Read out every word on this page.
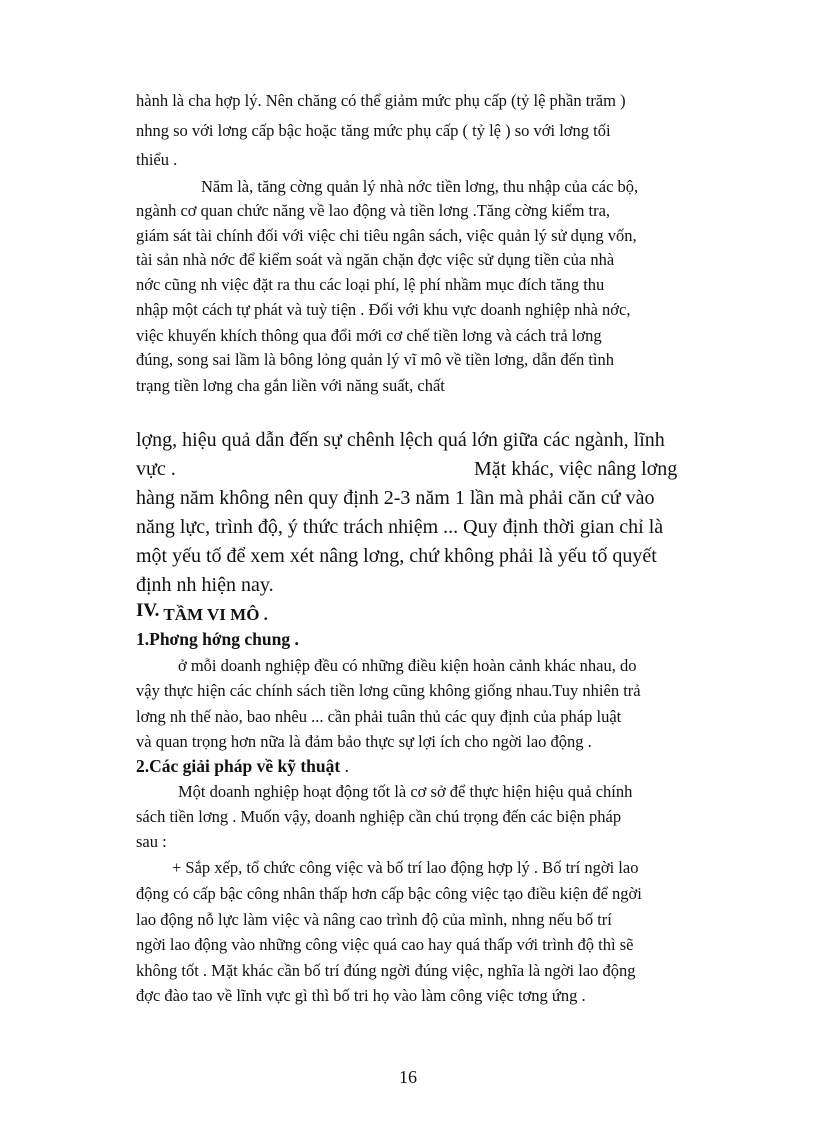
hành là cha hợp lý. Nên chăng có thể giảm mức phụ cấp (tỷ lệ phần trăm )

nhng so với lơng cấp bậc hoặc tăng mức phụ cấp ( tỷ lệ ) so với lơng tối

thiểu .

Năm là, tăng cờng quản lý nhà nớc tiền lơng, thu nhập của các bộ,

ngành cơ quan chức năng về lao động và tiền lơng .Tăng cờng kiểm tra,

giám sát tài chính đối với việc chi tiêu ngân sách, việc quản lý sử dụng vốn,

tài sản nhà nớc để kiểm soát và ngăn chặn đợc việc sử dụng tiền của nhà

nớc cũng nh việc đặt ra thu các loại phí, lệ phí nhầm mục đích tăng thu

nhập một cách tự phát và tuỳ tiện . Đối với khu vực doanh nghiệp nhà nớc,

việc khuyến khích thông qua đổi mới cơ chế tiền lơng và cách trả lơng

đúng, song sai lầm là bông lỏng quản lý vĩ mô về tiền lơng, dẫn đến tình

trạng tiền lơng cha gắn liền với năng suất, chất

lợng, hiệu quả dẫn đến sự chênh lệch quá lớn giữa các ngành, lĩnh

vực .	Mặt khác, việc nâng lơng

hàng năm không nên quy định 2-3 năm 1 lần mà phải căn cứ vào

năng lực, trình độ, ý thức trách nhiệm ... Quy định thời gian chỉ là

một yếu tố để xem xét nâng lơng, chứ không phải là yếu tố quyết

định nh hiện nay.

IV. TẦM VI MÔ .

1.Phơng hớng chung .

ở mỗi doanh nghiệp đều có những điều kiện hoàn cảnh khác nhau, do

vậy thực hiện các chính sách tiền lơng cũng không giống nhau.Tuy nhiên trả

lơng nh thế nào, bao nhêu ... cần phải tuân thủ các quy định của pháp luật

và quan trọng hơn nữa là đảm bảo thực sự lợi ích cho ngời lao động .

2.Các giải pháp về kỹ thuật .

Một doanh nghiệp hoạt động tốt là cơ sở để thực hiện hiệu quả chính

sách tiền lơng . Muốn vậy, doanh nghiệp cần chú trọng đến các biện pháp

sau :

+ Sắp xếp, tổ chức công việc và bố trí lao động hợp lý . Bố trí ngời lao

động có cấp bậc công nhân thấp hơn cấp bậc công việc tạo điều kiện để ngời

lao động nỗ lực làm việc và nâng cao trình độ của mình, nhng nếu bố trí

ngời lao động vào những công việc quá cao hay quá thấp với trình độ thì sẽ

không tốt . Mặt khác cần bố trí đúng ngời đúng việc, nghĩa là ngời lao động

đợc đào tao về lĩnh vực gì thì bố tri họ vào làm công việc tơng ứng .

16
